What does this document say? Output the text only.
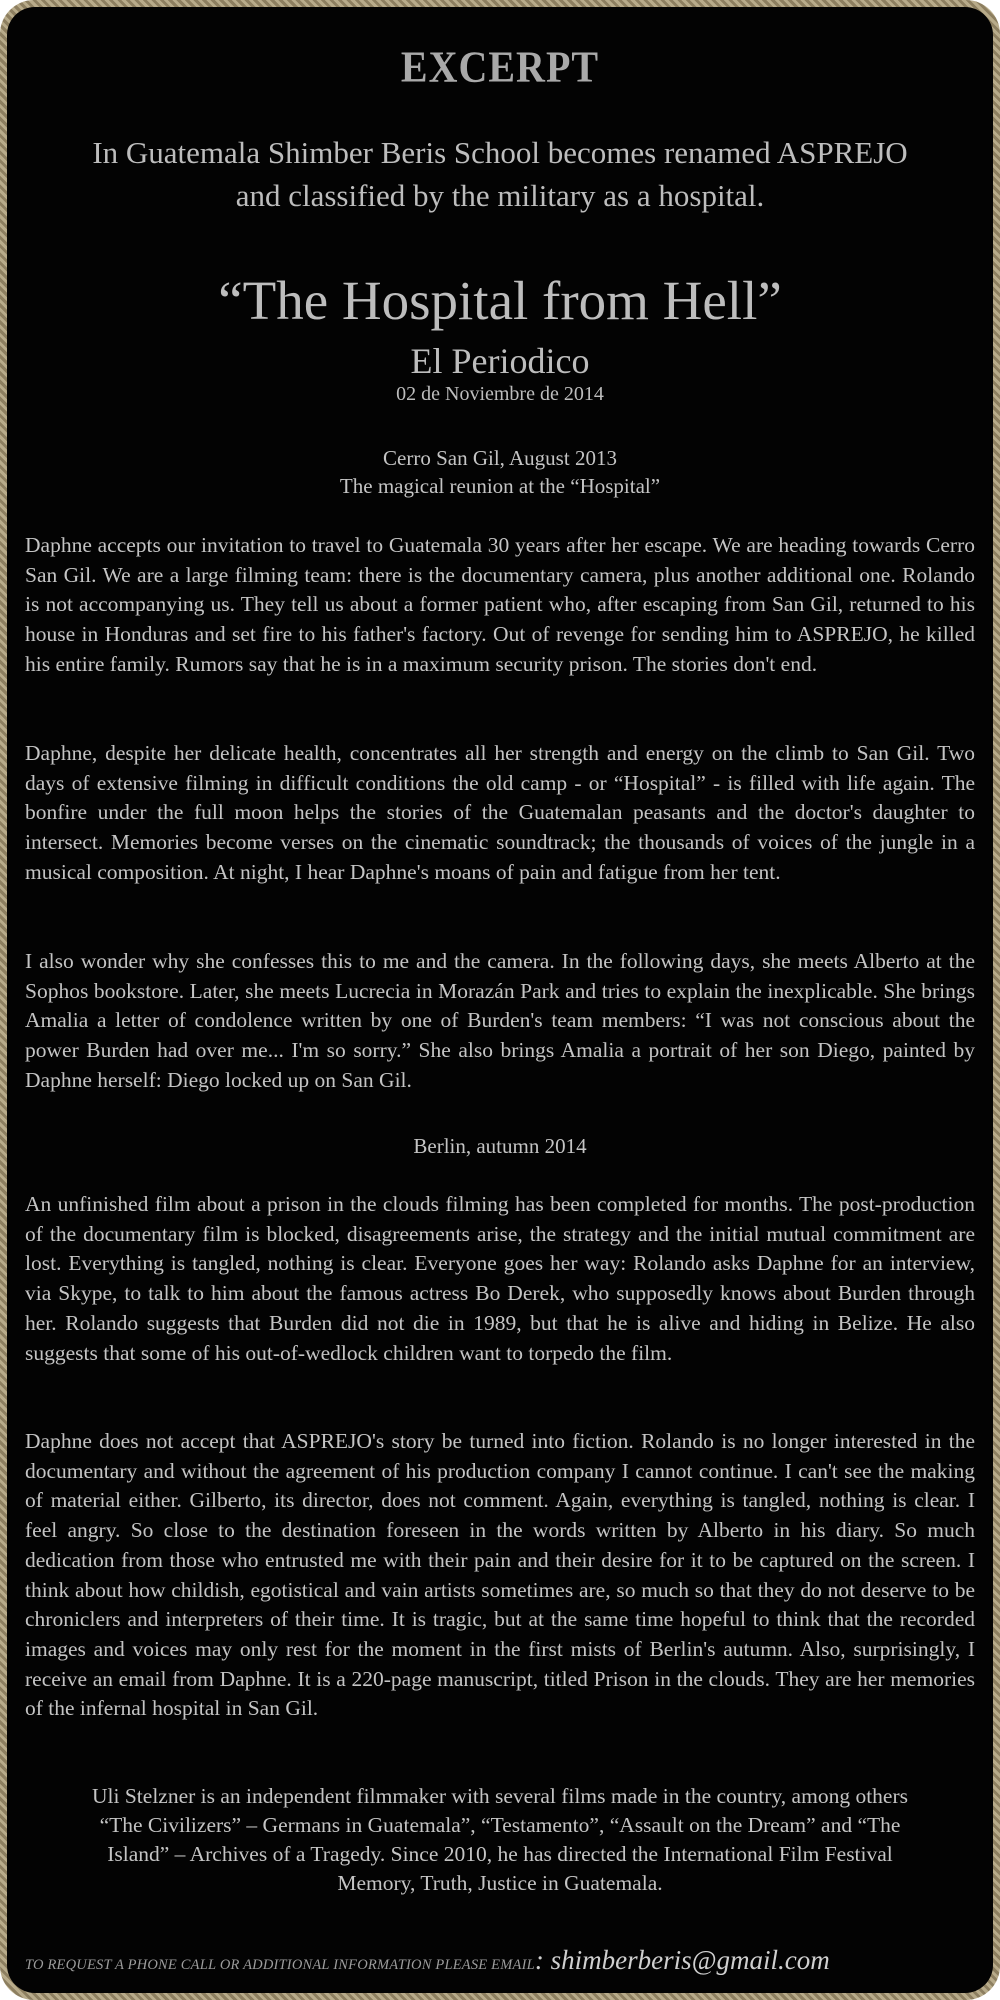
EXCERPT
In Guatemala Shimber Beris School becomes renamed ASPREJO
and classified by the military as a hospital.
“The Hospital from Hell”
El Periodico
02 de Noviembre de 2014
Cerro San Gil, August 2013
The magical reunion at the “Hospital”

Daphne accepts our invitation to travel to Guatemala 30 years after her escape. We are heading towards Cerro San Gil. We are a large filming team: there is the documentary camera, plus another additional one. Rolando is not accompanying us. They tell us about a former patient who, after escaping from San Gil, returned to his house in Honduras and set fire to his father's factory. Out of revenge for sending him to ASPREJO, he killed his entire family. Rumors say that he is in a maximum security prison. The stories don't end.

Daphne, despite her delicate health, concentrates all her strength and energy on the climb to San Gil. Two days of extensive filming in difficult conditions the old camp - or “Hospital” - is filled with life again. The bonfire under the full moon helps the stories of the Guatemalan peasants and the doctor's daughter to intersect. Memories become verses on the cinematic soundtrack; the thousands of voices of the jungle in a musical composition. At night, I hear Daphne's moans of pain and fatigue from her tent.

I also wonder why she confesses this to me and the camera. In the following days, she meets Alberto at the Sophos bookstore. Later, she meets Lucrecia in Morazán Park and tries to explain the inexplicable. She brings Amalia a letter of condolence written by one of Burden's team members: “I was not conscious about the power Burden had over me... I'm so sorry.” She also brings Amalia a portrait of her son Diego, painted by Daphne herself: Diego locked up on San Gil.

Berlin, autumn 2014

An unfinished film about a prison in the clouds filming has been completed for months. The post-production of the documentary film is blocked, disagreements arise, the strategy and the initial mutual commitment are lost. Everything is tangled, nothing is clear. Everyone goes her way: Rolando asks Daphne for an interview, via Skype, to talk to him about the famous actress Bo Derek, who supposedly knows about Burden through her. Rolando suggests that Burden did not die in 1989, but that he is alive and hiding in Belize. He also suggests that some of his out-of-wedlock children want to torpedo the film.

Daphne does not accept that ASPREJO's story be turned into fiction. Rolando is no longer interested in the documentary and without the agreement of his production company I cannot continue. I can't see the making of material either. Gilberto, its director, does not comment. Again, everything is tangled, nothing is clear. I feel angry. So close to the destination foreseen in the words written by Alberto in his diary. So much dedication from those who entrusted me with their pain and their desire for it to be captured on the screen. I think about how childish, egotistical and vain artists sometimes are, so much so that they do not deserve to be chroniclers and interpreters of their time. It is tragic, but at the same time hopeful to think that the recorded images and voices may only rest for the moment in the first mists of Berlin's autumn. Also, surprisingly, I receive an email from Daphne. It is a 220-page manuscript, titled Prison in the clouds. They are her memories of the infernal hospital in San Gil.

Uli Stelzner is an independent filmmaker with several films made in the country, among others
“The Civilizers” – Germans in Guatemala”, “Testamento”, “Assault on the Dream” and “The
Island” – Archives of a Tragedy. Since 2010, he has directed the International Film Festival
Memory, Truth, Justice in Guatemala.
TO REQUEST A PHONE CALL OR ADDITIONAL INFORMATION PLEASE EMAIL: shimberberis@gmail.com
